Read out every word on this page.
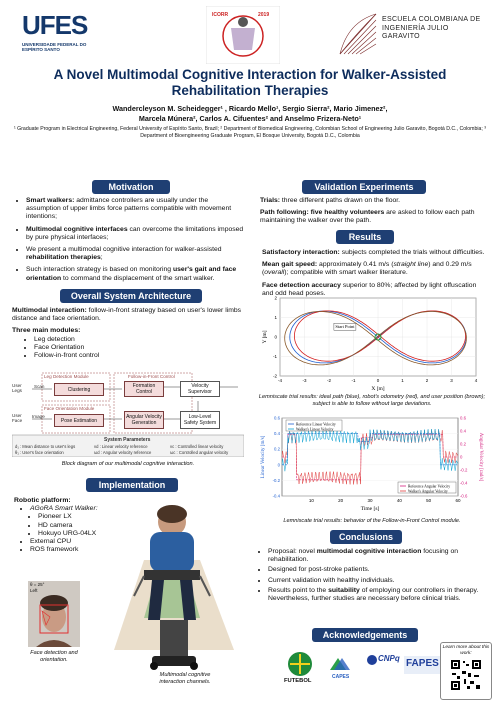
UFES
UNIVERSIDADE FEDERAL DO ESPÍRITO SANTO
ICORR	2019
ESCUELA COLOMBIANA DE INGENIERÍA JULIO GARAVITO
A Novel Multimodal Cognitive Interaction for Walker-Assisted Rehabilitation Therapies
Wandercleyson M. Scheidegger¹ , Ricardo Mello¹, Sergio Sierra², Mario Jimenez²,
Marcela Múnera², Carlos A. Cifuentes² and Anselmo Frizera-Neto¹
¹ Graduate Program in Electrical Engineering, Federal University of Espírito Santo, Brazil; ² Department of Biomedical Engineering, Colombian School of Engineering Julio Garavito, Bogotá D.C., Colombia; ³ Department of Bioengineering Graduate Program, El Bosque University, Bogotá D.C., Colombia
Motivation
• Smart walkers: admittance controllers are usually under the assumption of upper limbs force patterns compatible with movement intentions;
• Multimodal cognitive interfaces can overcome the limitations imposed by pure physical interfaces;
• We present a multimodal cognitive interaction for walker-assisted rehabilitation therapies;
• Such interaction strategy is based on monitoring user's gait and face orientation to command the displacement of the smart walker.
Overall System Architecture

Multimodal interaction: follow-in-front strategy based on user's lower limbs distance and face orientation.

Three main modules:
• Leg detection
• Face Orientation
• Follow-in-front control
User Legs
User Face
Scan
Image
Leg Detection Module
Face Orientation Module
Follow-in-Front Control
Clustering
Pose Estimation
Formation Control
Angular Velocity Generation
Velocity Supervisor
Low-Level Safety System
System Parameters
d₁ : Mean distance to user's legs
θ₁ : User's face orientation
vd : Linear velocity reference
ωd : Angular velocity reference
vc : Controlled linear velocity
ωc : Controlled angular velocity
Block diagram of our multimodal cognitive interaction.
Implementation
Robotic platform:
• AGoRA Smart Walker:
• Pioneer LX
• HD camera
• Hokuyo URG-04LX
• External CPU
• ROS framework
θ = 25°
Left
Face detection and orientation.
Multimodal cognitive interaction channels.
Validation Experiments

Trials: three different paths drawn on the floor.

Path following: five healthy volunteers are asked to follow each path maintaining the walker over the path.

Results

Satisfactory interaction: subjects completed the trials without difficulties.

Mean gait speed: approximately 0.41 m/s (straight line) and 0.29 m/s (overall); compatible with smart walker literature.

Face detection accuracy superior to 80%; affected by light offuscation and odd head poses.

-4	-3	-2	-1	0	1	2	3	4
-2
-1
0
1
2
X [m]
Y [m]
Start Point
Lemniscate trial results: ideal path (blue), robot's odometry (red), and user position (brown); subject is able to follow without large deviations.
10	20	30	40	50	60
-0.4
-0.2
0
0.2
0.4
0.6
-0.6
-0.4
-0.2
0
0.2
0.4
0.6
Time [s]
Linear Velocity [m/s]	Angular Velocity [rad/s]
Reference Linear Velocity
Walker's Linear Velocity
Reference Angular Velocity
Walker's Angular Velocity
Lemniscate trial results: behavior of the Follow-in-Front Control module.
Conclusions
• Proposal: novel multimodal cognitive interaction focusing on rehabilitation.
• Designed for post-stroke patients.
• Current validation with healthy individuals.
• Results point to the suitability of employing our controllers in therapy. Nevertheless, further studies are necessary before clinical trials.
Acknowledgements
FUTEBOL
CAPES
CNPq FAPES
Learn more about this work:
